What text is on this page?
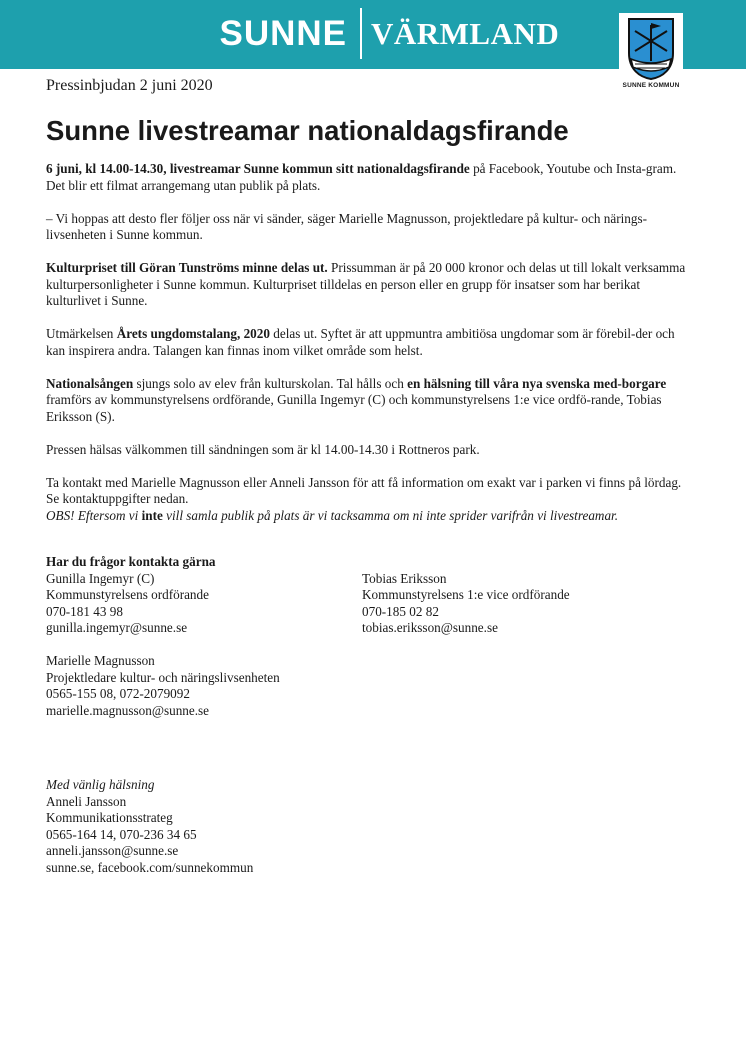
SUNNE VÄRMLAND
SUNNE KOMMUN
Pressinbjudan 2 juni 2020
Sunne livestreamar nationaldagsfirande

6 juni, kl 14.00-14.30, livestreamar Sunne kommun sitt nationaldagsfirande på Facebook, Youtube och Insta-gram. Det blir ett filmat arrangemang utan publik på plats.

– Vi hoppas att desto fler följer oss när vi sänder, säger Marielle Magnusson, projektledare på kultur- och närings-livsenheten i Sunne kommun.

Kulturpriset till Göran Tunströms minne delas ut. Prissumman är på 20 000 kronor och delas ut till lokalt verksamma kulturpersonligheter i Sunne kommun. Kulturpriset tilldelas en person eller en grupp för insatser som har berikat kulturlivet i Sunne.

Utmärkelsen Årets ungdomstalang, 2020 delas ut. Syftet är att uppmuntra ambitiösa ungdomar som är förebil-der och kan inspirera andra. Talangen kan finnas inom vilket område som helst.

Nationalsången sjungs solo av elev från kulturskolan. Tal hålls och en hälsning till våra nya svenska med-borgare framförs av kommunstyrelsens ordförande, Gunilla Ingemyr (C) och kommunstyrelsens 1:e vice ordfö-rande, Tobias Eriksson (S).

Pressen hälsas välkommen till sändningen som är kl 14.00-14.30 i Rottneros park.

Ta kontakt med Marielle Magnusson eller Anneli Jansson för att få information om exakt var i parken vi finns på lördag. Se kontaktuppgifter nedan.

OBS! Eftersom vi inte vill samla publik på plats är vi tacksamma om ni inte sprider varifrån vi livestreamar.

Har du frågor kontakta gärna
Gunilla Ingemyr (C)
Kommunstyrelsens ordförande
070-181 43 98
gunilla.ingemyr@sunne.se
Tobias Eriksson
Kommunstyrelsens 1:e vice ordförande
070-185 02 82
tobias.eriksson@sunne.se
Marielle Magnusson
Projektledare kultur- och näringslivsenheten
0565-155 08, 072-2079092
marielle.magnusson@sunne.se
Med vänlig hälsning
Anneli Jansson
Kommunikationsstrateg
0565-164 14, 070-236 34 65
anneli.jansson@sunne.se
sunne.se, facebook.com/sunnekommun
